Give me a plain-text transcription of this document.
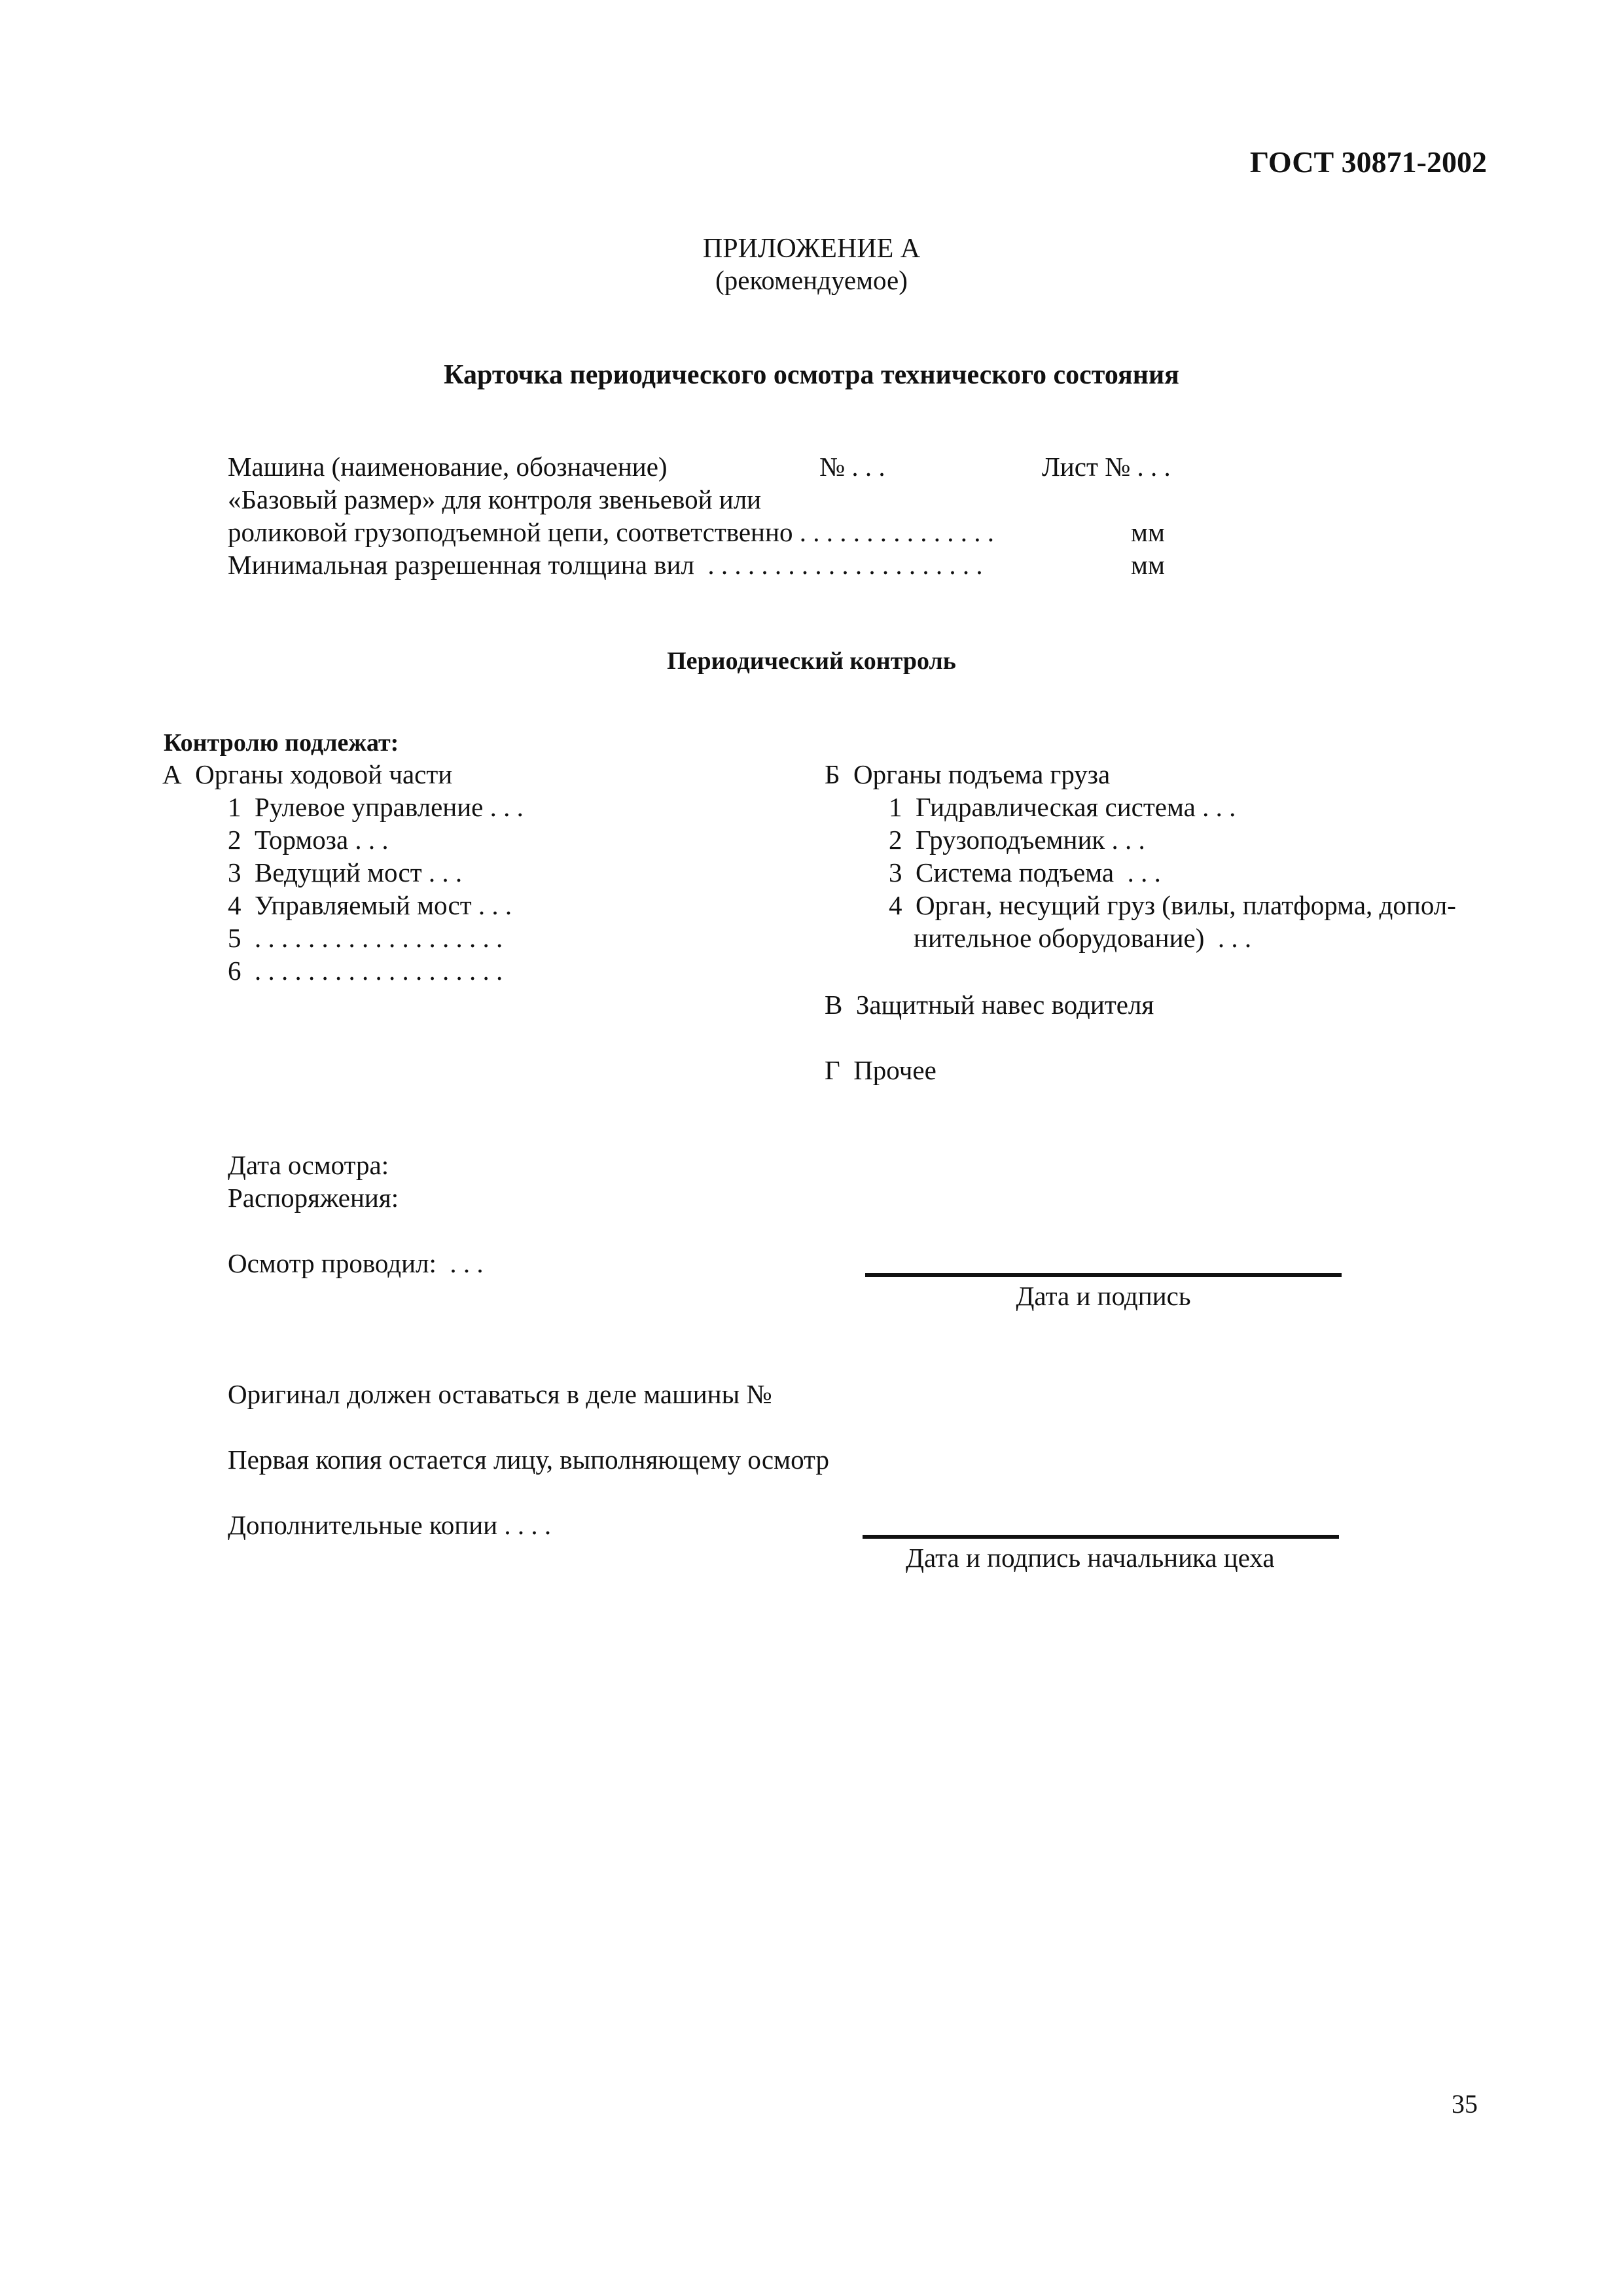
ГОСТ 30871-2002
ПРИЛОЖЕНИЕ А
(рекомендуемое)
Карточка периодического осмотра технического состояния
Машина (наименование, обозначение)	№ . . .	Лист № . . .
«Базовый размер» для контроля звеньевой или
роликовой грузоподъемной цепи, соответственно . . . . . . . . . . . . . . .	мм
Минимальная разрешенная толщина вил  . . . . . . . . . . . . . . . . . . . . .	мм
Периодический контроль
Контролю подлежат:
А  Органы ходовой части
1  Рулевое управление . . .
2  Тормоза . . .
3  Ведущий мост . . .
4  Управляемый мост . . .
5  . . . . . . . . . . . . . . . . . . .
6  . . . . . . . . . . . . . . . . . . .
Б  Органы подъема груза
1  Гидравлическая система . . .
2  Грузоподъемник . . .
3  Система подъема  . . .
4  Орган, несущий груз (вилы, платформа, допол-
нительное оборудование)  . . .
В  Защитный навес водителя
Г  Прочее
Дата осмотра:
Распоряжения:
Осмотр проводил:  . . .
Дата и подпись
Оригинал должен оставаться в деле машины №
Первая копия остается лицу, выполняющему осмотр
Дополнительные копии . . . .
Дата и подпись начальника цеха
35
